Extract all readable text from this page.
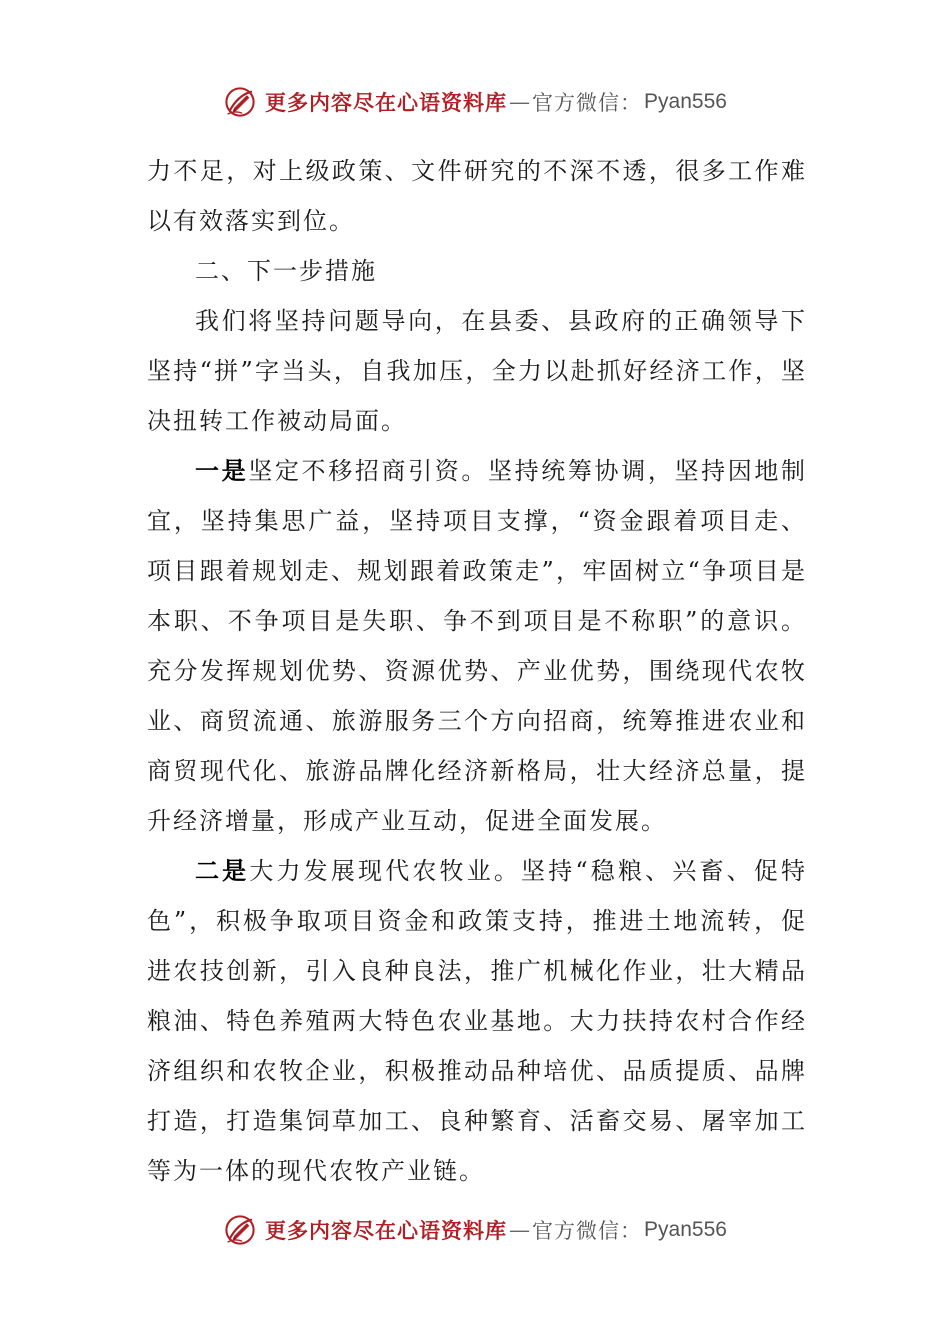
更多内容尽在心语资料库 — 官方微信： Pyan556

力不足，对上级政策、文件研究的不深不透，很多工作难以有效落实到位。

二、下一步措施

我们将坚持问题导向，在县委、县政府的正确领导下坚持“拼”字当头，自我加压，全力以赴抓好经济工作，坚决扭转工作被动局面。

一是坚定不移招商引资。坚持统筹协调，坚持因地制宜，坚持集思广益，坚持项目支撑，“资金跟着项目走、项目跟着规划走、规划跟着政策走”，牢固树立“争项目是本职、不争项目是失职、争不到项目是不称职”的意识。充分发挥规划优势、资源优势、产业优势，围绕现代农牧业、商贸流通、旅游服务三个方向招商，统筹推进农业和商贸现代化、旅游品牌化经济新格局，壮大经济总量，提升经济增量，形成产业互动，促进全面发展。

二是大力发展现代农牧业。坚持“稳粮、兴畜、促特色”，积极争取项目资金和政策支持，推进土地流转，促进农技创新，引入良种良法，推广机械化作业，壮大精品粮油、特色养殖两大特色农业基地。大力扶持农村合作经济组织和农牧企业，积极推动品种培优、品质提质、品牌打造，打造集饲草加工、良种繁育、活畜交易、屠宰加工等为一体的现代农牧产业链。

更多内容尽在心语资料库 — 官方微信： Pyan556
